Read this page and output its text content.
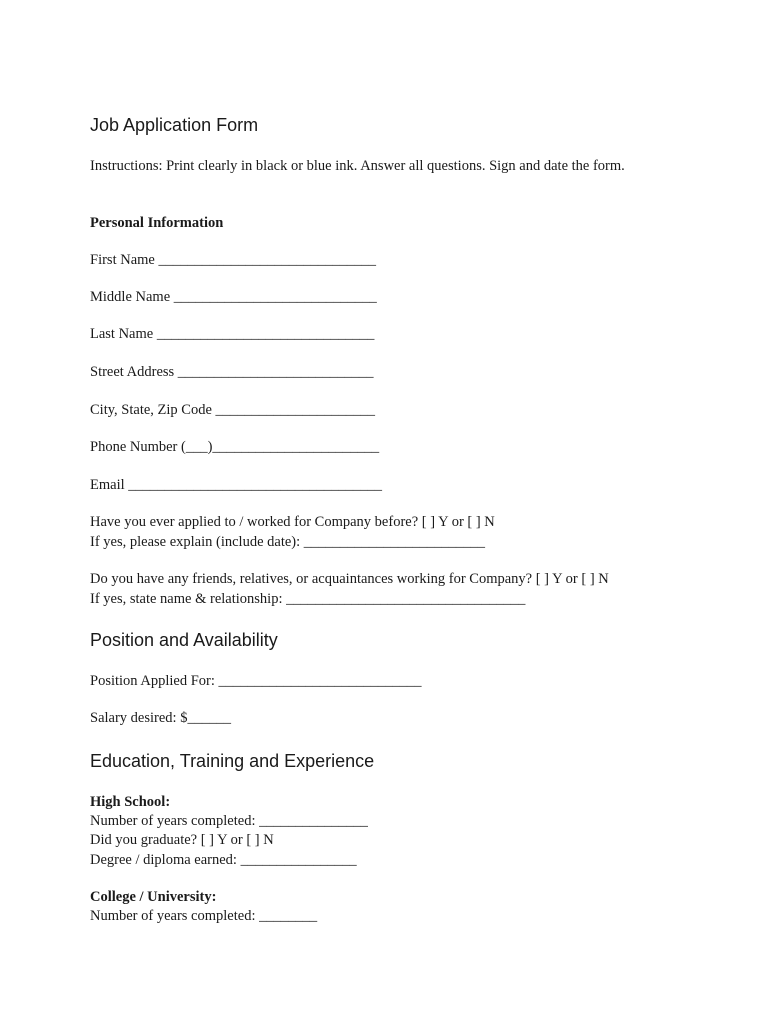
Job Application Form
Instructions: Print clearly in black or blue ink. Answer all questions. Sign and date the form.
Personal Information
First Name ______________________________
Middle Name ____________________________
Last Name ______________________________
Street Address ___________________________
City, State, Zip Code ______________________
Phone Number (___)_______________________
Email ___________________________________
Have you ever applied to / worked for Company before? [ ] Y or [ ] N
If yes, please explain (include date): _________________________
Do you have any friends, relatives, or acquaintances working for Company? [ ] Y or [ ] N
If yes, state name & relationship: _________________________________
Position and Availability
Position Applied For: ____________________________
Salary desired: $______
Education, Training and Experience
High School:
Number of years completed: _______________
Did you graduate? [ ] Y or [ ] N
Degree / diploma earned: ________________
College / University:
Number of years completed: ________
